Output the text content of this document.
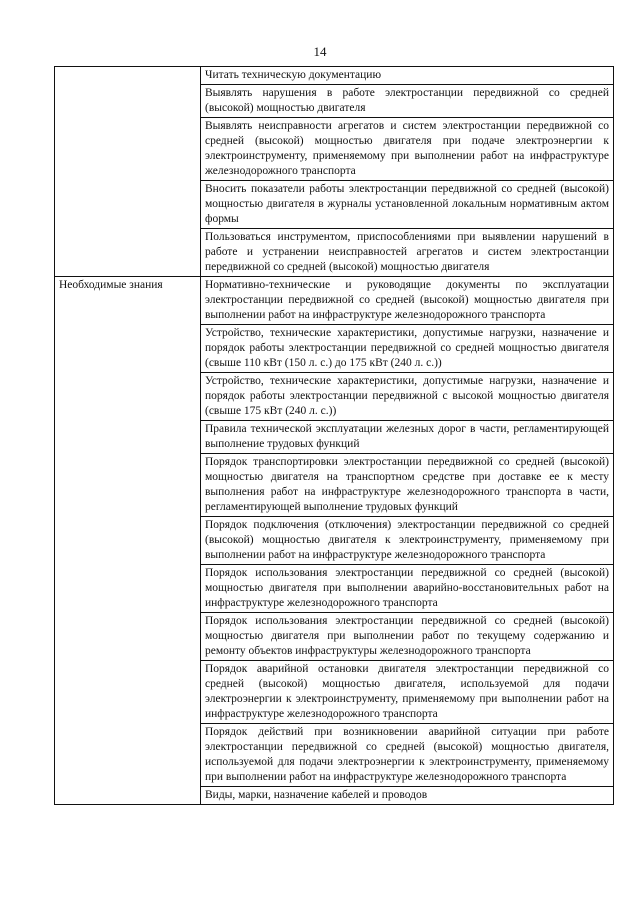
14
	Читать техническую документацию
	Выявлять нарушения в работе электростанции передвижной со средней (высокой) мощностью двигателя
	Выявлять неисправности агрегатов и систем электростанции передвижной со средней (высокой) мощностью двигателя при подаче электроэнергии к электроинструменту, применяемому при выполнении работ на инфраструктуре железнодорожного транспорта
	Вносить показатели работы электростанции передвижной со средней (высокой) мощностью двигателя в журналы установленной локальным нормативным актом формы
	Пользоваться инструментом, приспособлениями при выявлении нарушений в работе и устранении неисправностей агрегатов и систем электростанции передвижной со средней (высокой) мощностью двигателя
Необходимые знания	Нормативно-технические и руководящие документы по эксплуатации электростанции передвижной со средней (высокой) мощностью двигателя при выполнении работ на инфраструктуре железнодорожного транспорта
	Устройство, технические характеристики, допустимые нагрузки, назначение и порядок работы электростанции передвижной со средней мощностью двигателя (свыше 110 кВт (150 л. с.) до 175 кВт (240 л. с.))
	Устройство, технические характеристики, допустимые нагрузки, назначение и порядок работы электростанции передвижной с высокой мощностью двигателя (свыше 175 кВт (240 л. с.))
	Правила технической эксплуатации железных дорог в части, регламентирующей выполнение трудовых функций
	Порядок транспортировки электростанции передвижной со средней (высокой) мощностью двигателя на транспортном средстве при доставке ее к месту выполнения работ на инфраструктуре железнодорожного транспорта в части, регламентирующей выполнение трудовых функций
	Порядок подключения (отключения) электростанции передвижной со средней (высокой) мощностью двигателя к электроинструменту, применяемому при выполнении работ на инфраструктуре железнодорожного транспорта
	Порядок использования электростанции передвижной со средней (высокой) мощностью двигателя при выполнении аварийно-восстановительных работ на инфраструктуре железнодорожного транспорта
	Порядок использования электростанции передвижной со средней (высокой) мощностью двигателя при выполнении работ по текущему содержанию и ремонту объектов инфраструктуры железнодорожного транспорта
	Порядок аварийной остановки двигателя электростанции передвижной со средней (высокой) мощностью двигателя, используемой для подачи электроэнергии к электроинструменту, применяемому при выполнении работ на инфраструктуре железнодорожного транспорта
	Порядок действий при возникновении аварийной ситуации при работе электростанции передвижной со средней (высокой) мощностью двигателя, используемой для подачи электроэнергии к электроинструменту, применяемому при выполнении работ на инфраструктуре железнодорожного транспорта
	Виды, марки, назначение кабелей и проводов
